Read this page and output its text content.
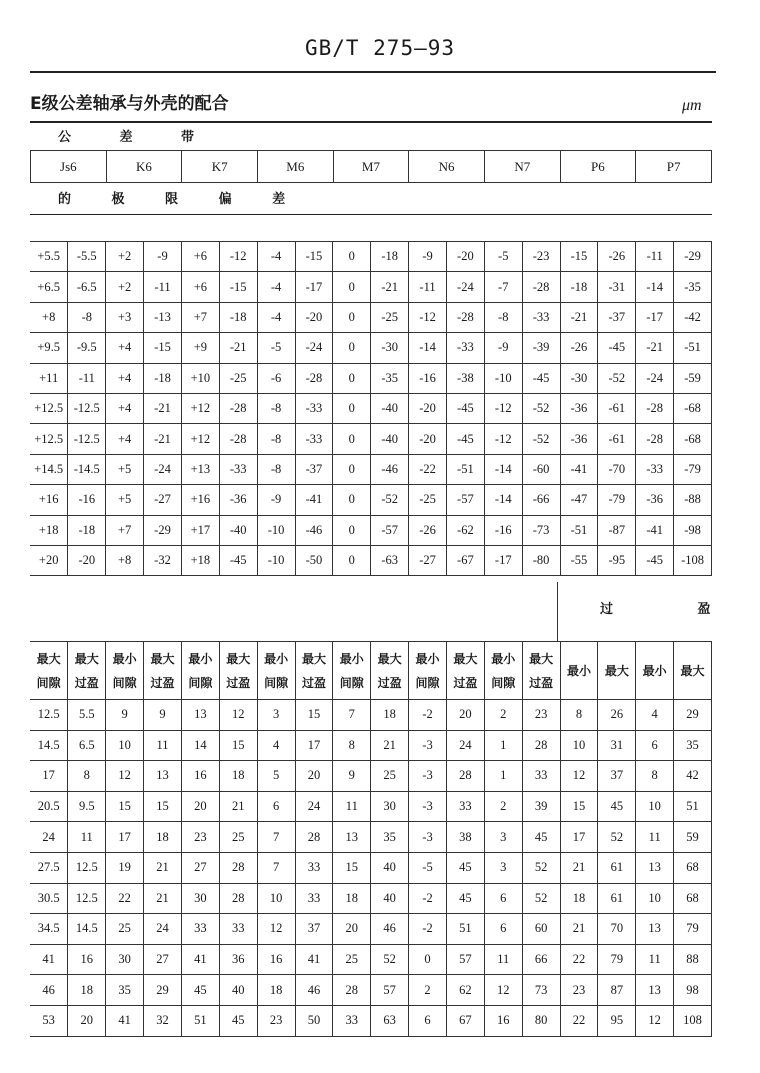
GB/T 275—93
E级公差轴承与外壳的配合	μm
公 差 带
Js6	K6	K7	M6	M7	N6	N7	P6	P7
的 极 限 偏 差
+5.5	-5.5	+2	-9	+6	-12	-4	-15	0	-18	-9	-20	-5	-23	-15	-26	-11	-29
+6.5	-6.5	+2	-11	+6	-15	-4	-17	0	-21	-11	-24	-7	-28	-18	-31	-14	-35
+8	-8	+3	-13	+7	-18	-4	-20	0	-25	-12	-28	-8	-33	-21	-37	-17	-42
+9.5	-9.5	+4	-15	+9	-21	-5	-24	0	-30	-14	-33	-9	-39	-26	-45	-21	-51
+11	-11	+4	-18	+10	-25	-6	-28	0	-35	-16	-38	-10	-45	-30	-52	-24	-59
+12.5	-12.5	+4	-21	+12	-28	-8	-33	0	-40	-20	-45	-12	-52	-36	-61	-28	-68
+12.5	-12.5	+4	-21	+12	-28	-8	-33	0	-40	-20	-45	-12	-52	-36	-61	-28	-68
+14.5	-14.5	+5	-24	+13	-33	-8	-37	0	-46	-22	-51	-14	-60	-41	-70	-33	-79
+16	-16	+5	-27	+16	-36	-9	-41	0	-52	-25	-57	-14	-66	-47	-79	-36	-88
+18	-18	+7	-29	+17	-40	-10	-46	0	-57	-26	-62	-16	-73	-51	-87	-41	-98
+20	-20	+8	-32	+18	-45	-10	-50	0	-63	-27	-67	-17	-80	-55	-95	-45	-108
过 盈
最大间隙	最大过盈	最小间隙	最大过盈	最小间隙	最大过盈	最小间隙	最大过盈	最小间隙	最大过盈	最小间隙	最大过盈	最小间隙	最大过盈	最小	最大	最小	最大
12.5	5.5	9	9	13	12	3	15	7	18	-2	20	2	23	8	26	4	29
14.5	6.5	10	11	14	15	4	17	8	21	-3	24	1	28	10	31	6	35
17	8	12	13	16	18	5	20	9	25	-3	28	1	33	12	37	8	42
20.5	9.5	15	15	20	21	6	24	11	30	-3	33	2	39	15	45	10	51
24	11	17	18	23	25	7	28	13	35	-3	38	3	45	17	52	11	59
27.5	12.5	19	21	27	28	7	33	15	40	-5	45	3	52	21	61	13	68
30.5	12.5	22	21	30	28	10	33	18	40	-2	45	6	52	18	61	10	68
34.5	14.5	25	24	33	33	12	37	20	46	-2	51	6	60	21	70	13	79
41	16	30	27	41	36	16	41	25	52	0	57	11	66	22	79	11	88
46	18	35	29	45	40	18	46	28	57	2	62	12	73	23	87	13	98
53	20	41	32	51	45	23	50	33	63	6	67	16	80	22	95	12	108
